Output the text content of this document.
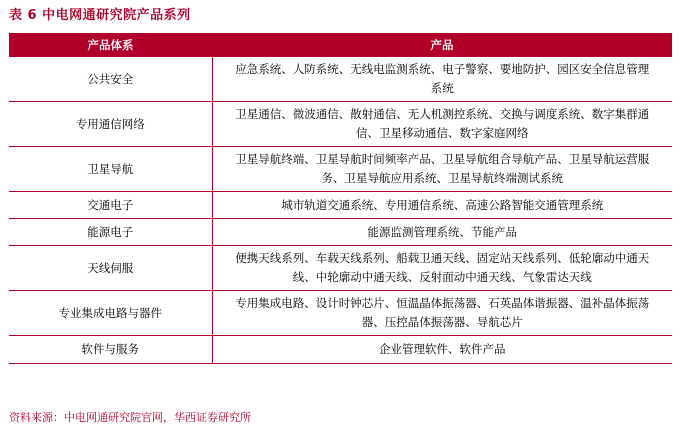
表 6 中电网通研究院产品系列
产品体系	产品
公共安全	应急系统、人防系统、无线电监测系统、电子警察、要地防护、园区安全信息管理系统
专用通信网络	卫星通信、微波通信、散射通信、无人机测控系统、交换与调度系统、数字集群通信、卫星移动通信、数字家庭网络
卫星导航	卫星导航终端、卫星导航时间频率产品、卫星导航组合导航产品、卫星导航运营服务、卫星导航应用系统、卫星导航终端测试系统
交通电子	城市轨道交通系统、专用通信系统、高速公路智能交通管理系统
能源电子	能源监测管理系统、节能产品
天线伺服	便携天线系列、车载天线系列、船载卫通天线、固定站天线系列、低轮廓动中通天线、中轮廓动中通天线、反射面动中通天线、气象雷达天线
专业集成电路与器件	专用集成电路、设计时钟芯片、恒温晶体振荡器、石英晶体谐振器、温补晶体振荡器、压控晶体振荡器、导航芯片
软件与服务	企业管理软件、软件产品
资料来源：中电网通研究院官网，华西证券研究所
